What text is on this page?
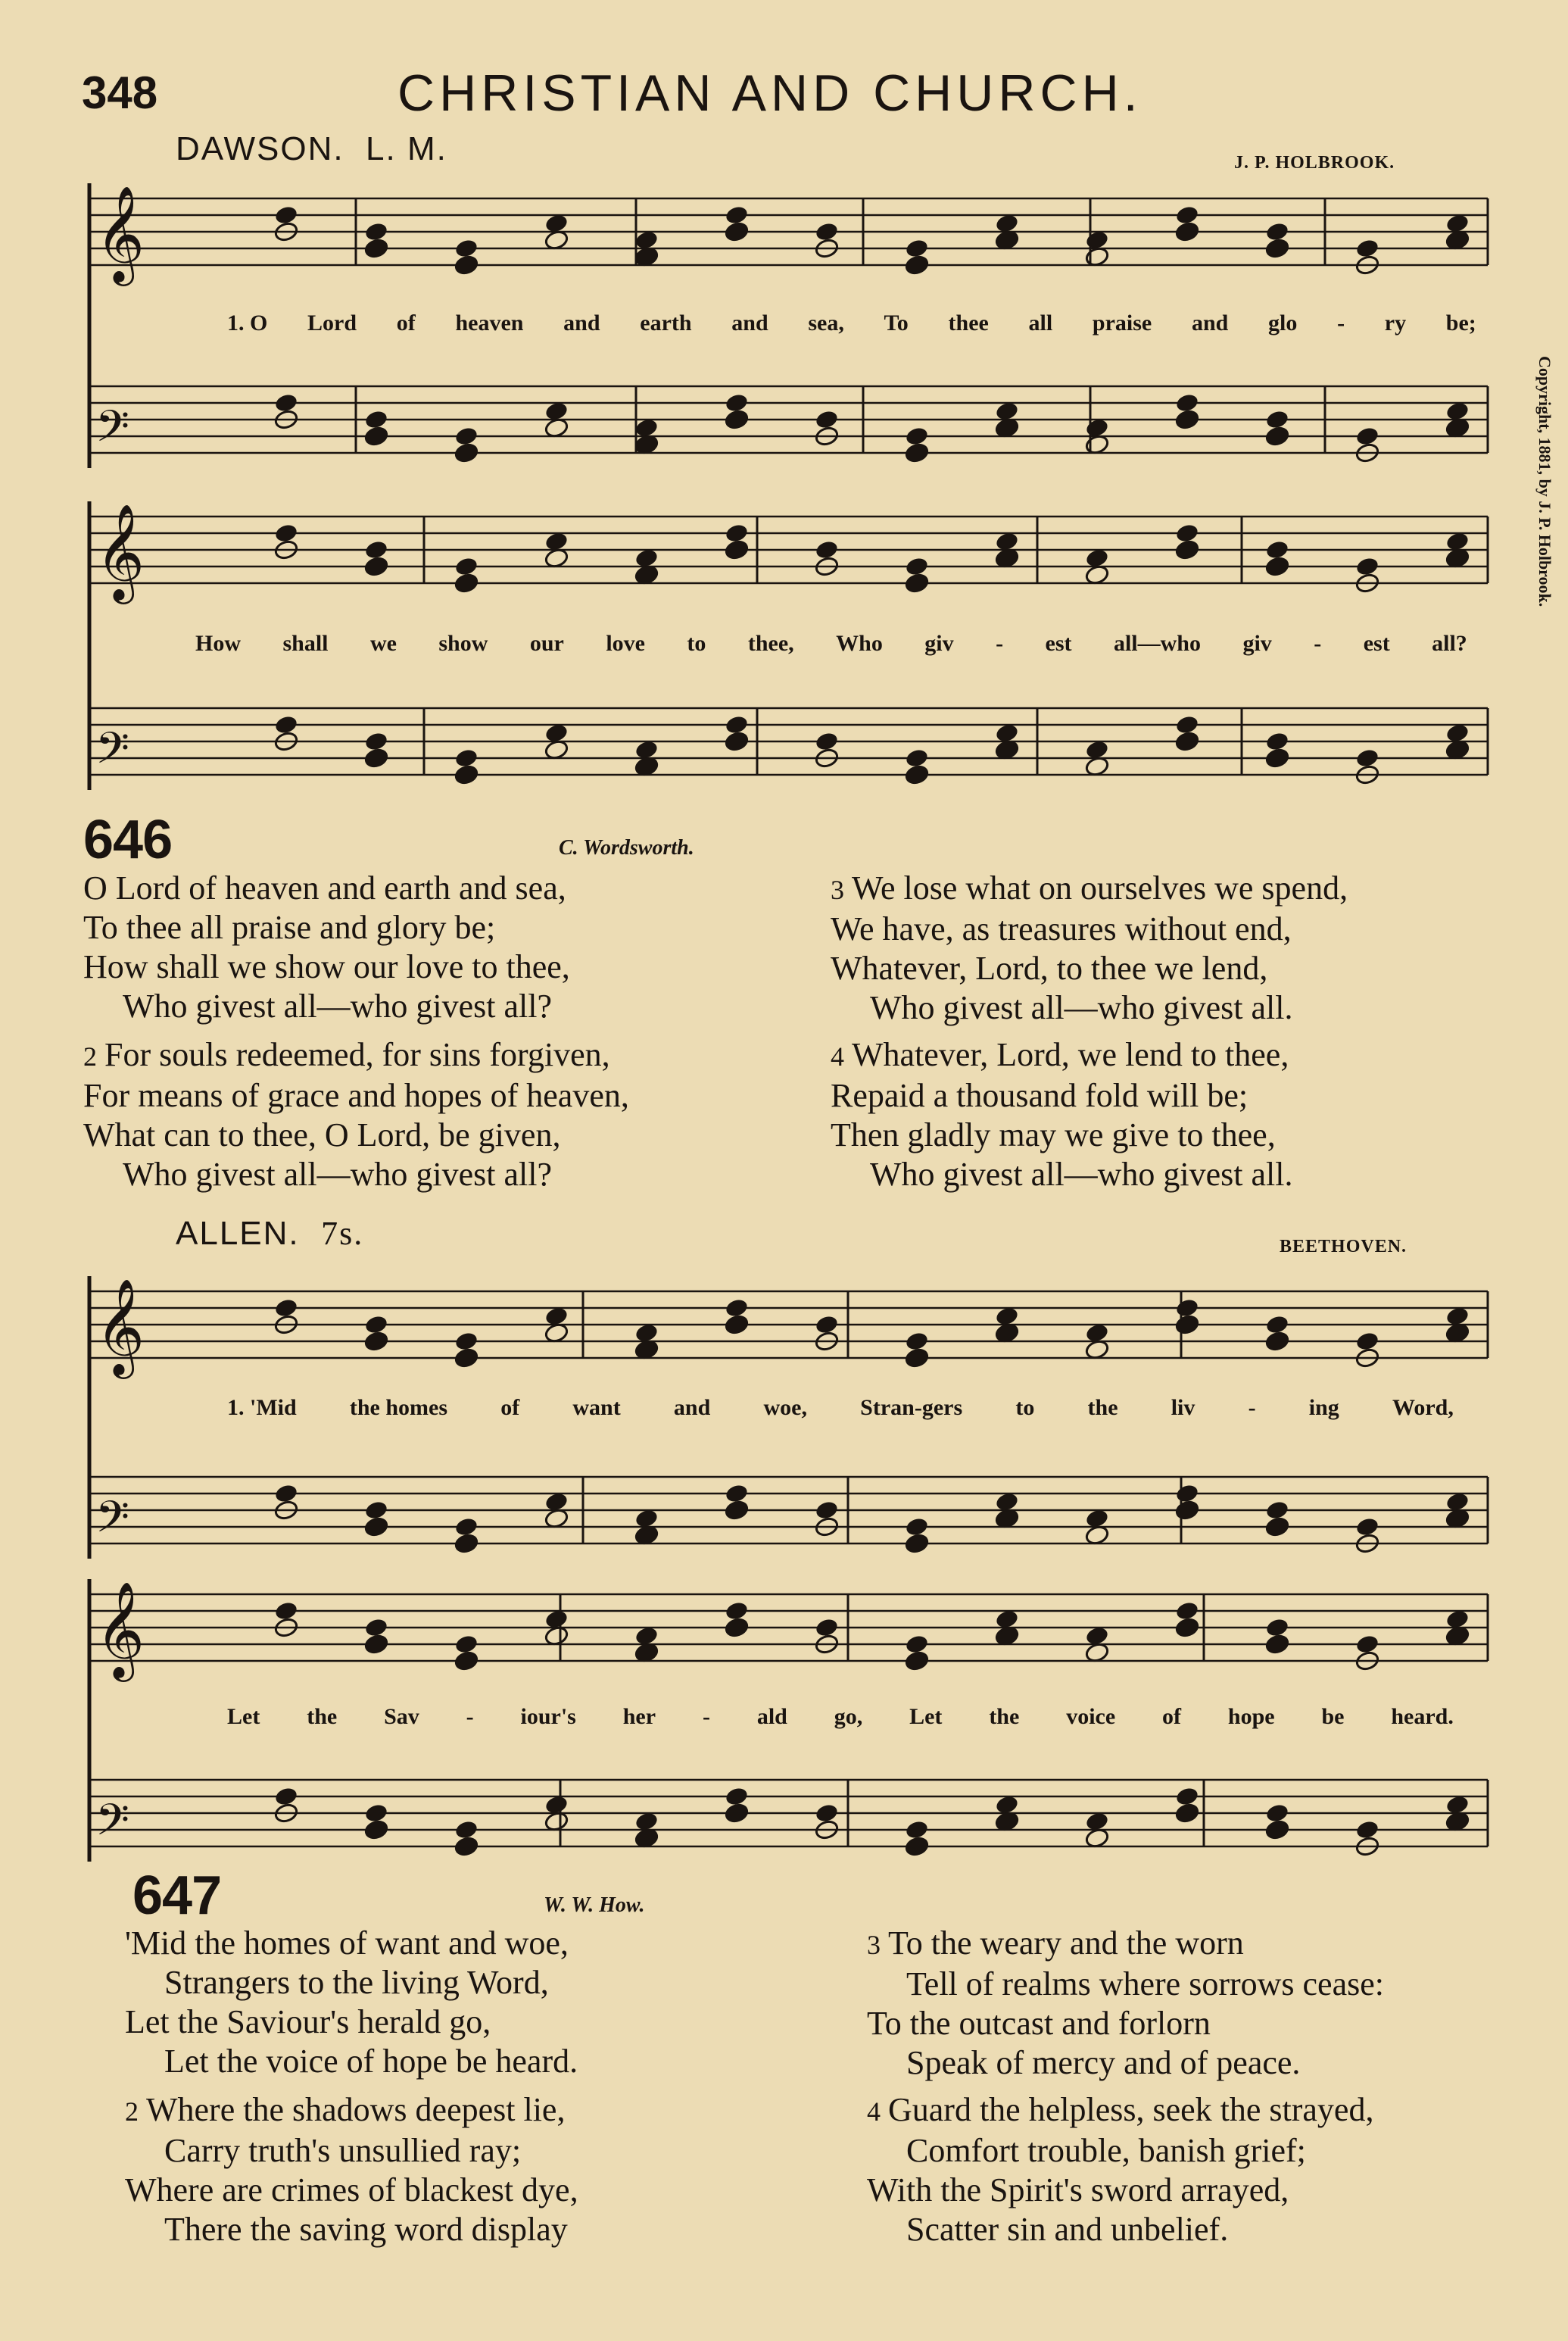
348	CHRISTIAN AND CHURCH.
DAWSON. L. M.	J. P. HOLBROOK.
Copyright, 1881, by J. P. Holbrook.
𝄞
𝄢
𝄞
𝄢
𝄞
𝄢
𝄞
𝄢
1. O Lord of heaven and earth and sea, To thee all praise and glo - ry be;
How shall we show our love to thee, Who giv - est all—who giv - est all?
646	C. Wordsworth.
O Lord of heaven and earth and sea,
To thee all praise and glory be;
How shall we show our love to thee,
Who givest all—who givest all?
2 For souls redeemed, for sins forgiven,
For means of grace and hopes of heaven,
What can to thee, O Lord, be given,
Who givest all—who givest all?
3 We lose what on ourselves we spend,
We have, as treasures without end,
Whatever, Lord, to thee we lend,
Who givest all—who givest all.
4 Whatever, Lord, we lend to thee,
Repaid a thousand fold will be;
Then gladly may we give to thee,
Who givest all—who givest all.
ALLEN. 7s.	BEETHOVEN.
1. 'Mid the homes of want and woe, Stran-gers to the liv - ing Word,
Let the Sav - iour's her - ald go, Let the voice of hope be heard.
647	W. W. How.
'Mid the homes of want and woe,
Strangers to the living Word,
Let the Saviour's herald go,
Let the voice of hope be heard.
2 Where the shadows deepest lie,
Carry truth's unsullied ray;
Where are crimes of blackest dye,
There the saving word display
3 To the weary and the worn
Tell of realms where sorrows cease:
To the outcast and forlorn
Speak of mercy and of peace.
4 Guard the helpless, seek the strayed,
Comfort trouble, banish grief;
With the Spirit's sword arrayed,
Scatter sin and unbelief.
